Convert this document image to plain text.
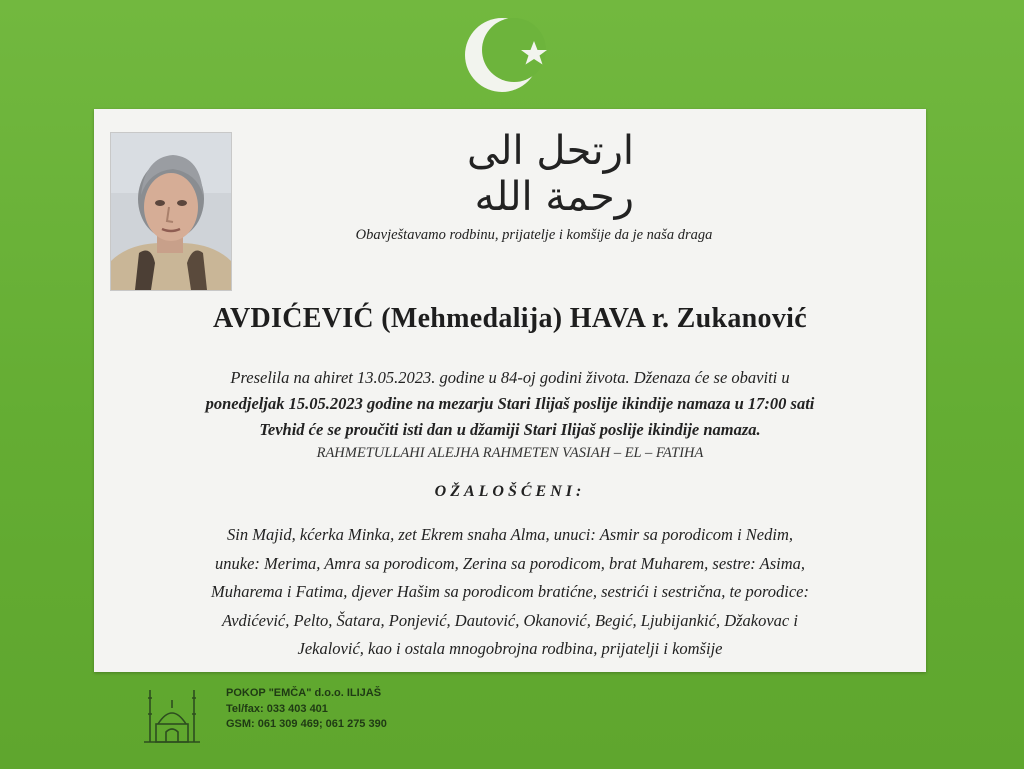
ارتحل الى رحمة الله
Obavještavamo rodbinu, prijatelje i komšije da je naša draga
AVDIĆEVIĆ (Mehmedalija) HAVA r. Zukanović
Preselila na ahiret 13.05.2023. godine u 84-oj godini života. Dženaza će se obaviti u
ponedjeljak 15.05.2023 godine na mezarju Stari Ilijaš poslije ikindije namaza u 17:00 sati
Tevhid će se proučiti isti dan u džamiji Stari Ilijaš poslije ikindije namaza.
RAHMETULLAHI ALEJHA RAHMETEN VASIAH – EL – FATIHA
OŽALOŠĆENI:
Sin Majid, kćerka Minka, zet Ekrem snaha Alma, unuci: Asmir sa porodicom i Nedim,
unuke: Merima, Amra sa porodicom, Zerina sa porodicom, brat Muharem, sestre: Asima,
Muharema i Fatima, djever Hašim sa porodicom bratićne, sestrići i sestrična, te porodice:
Avdićević, Pelto, Šatara, Ponjević, Dautović, Okanović, Begić, Ljubijankić, Džakovac i
Jekalović, kao i ostala mnogobrojna rodbina, prijatelji i komšije
POKOP "EMČA" d.o.o. ILIJAŠ
Tel/fax: 033 403 401
GSM: 061 309 469; 061 275 390
